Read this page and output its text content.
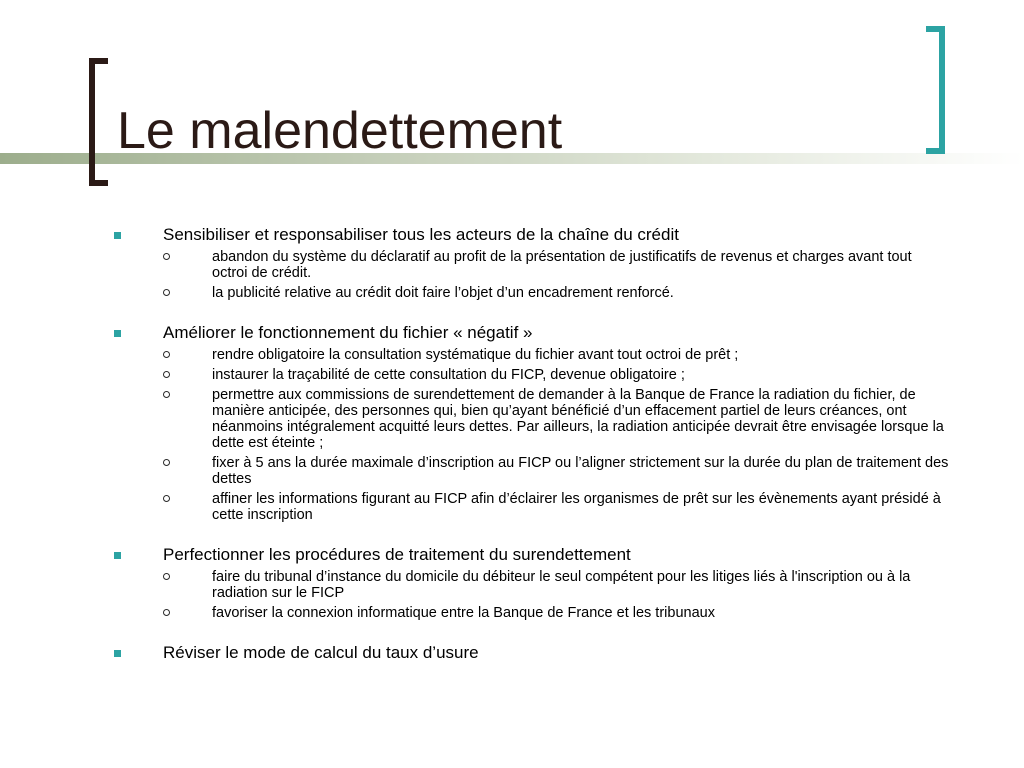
Le malendettement
Sensibiliser et responsabiliser tous les acteurs de la chaîne du crédit
abandon du système du déclaratif au profit de la présentation de justificatifs de revenus et charges avant tout octroi de crédit.
la publicité relative au crédit doit faire l’objet d’un encadrement renforcé.
Améliorer le fonctionnement du fichier « négatif »
rendre obligatoire la consultation systématique du fichier avant tout octroi de prêt ;
instaurer la traçabilité de cette consultation du FICP, devenue obligatoire ;
permettre aux commissions de surendettement de demander à la Banque de France la radiation du fichier, de manière anticipée, des personnes qui, bien qu’ayant bénéficié d’un effacement partiel de leurs créances, ont néanmoins intégralement acquitté leurs dettes. Par ailleurs, la radiation anticipée devrait être envisagée lorsque la dette est éteinte ;
fixer à 5 ans la durée maximale d’inscription au FICP ou l’aligner strictement sur la durée du plan de traitement des dettes
affiner les informations figurant au FICP afin d’éclairer les organismes de prêt sur les évènements ayant présidé à cette inscription
Perfectionner les procédures de traitement du surendettement
faire du tribunal d’instance du domicile du débiteur le seul compétent pour les litiges liés à l'inscription ou à la radiation sur le FICP
favoriser la connexion informatique entre la Banque de France et les tribunaux
Réviser le mode de calcul du taux d’usure
